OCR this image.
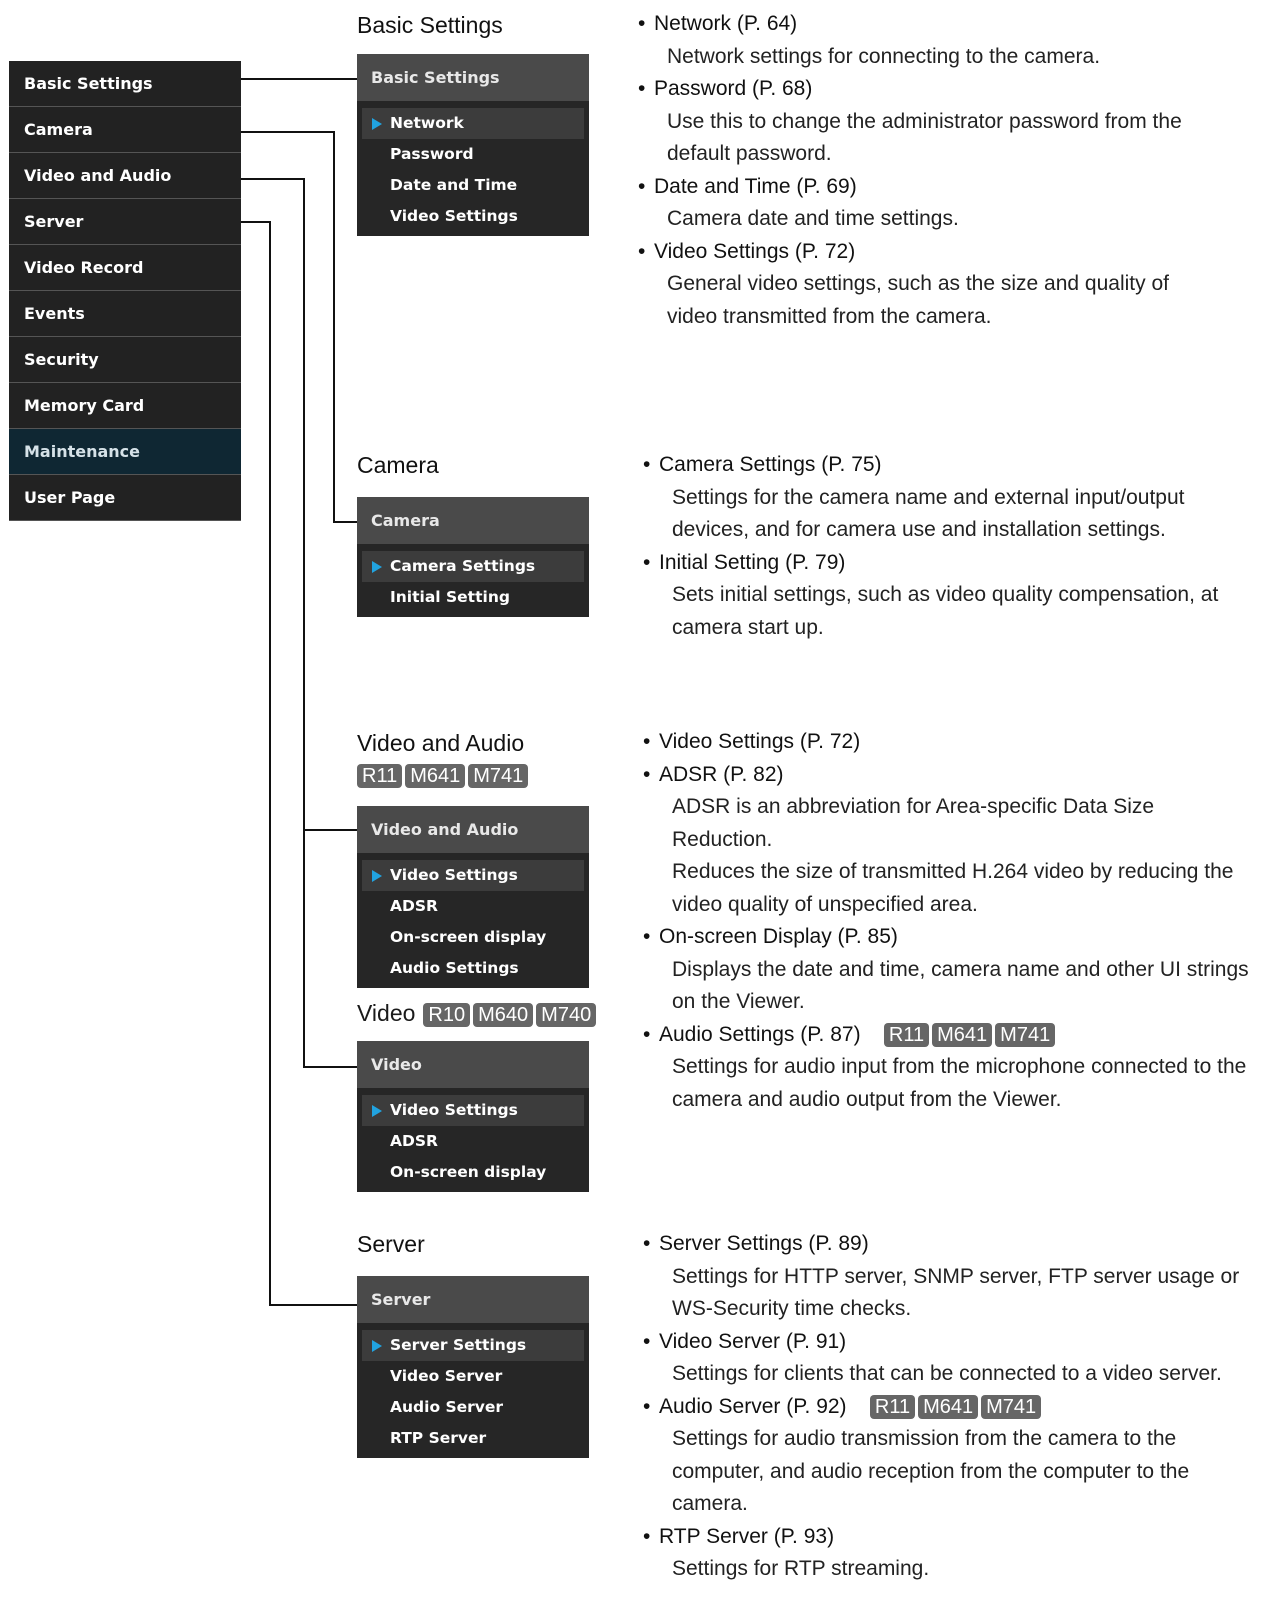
Basic Settings
Camera
Video and Audio
Server
Video Record
Events
Security
Memory Card
Maintenance
User Page
Basic Settings
Basic Settings
Network
Password
Date and Time
Video Settings
• Network (P. 64)
Network settings for connecting to the camera.
• Password (P. 68)
Use this to change the administrator password from the default password.
• Date and Time (P. 69)
Camera date and time settings.
• Video Settings (P. 72)
General video settings, such as the size and quality of video transmitted from the camera.
Camera
Camera
Camera Settings
Initial Setting
• Camera Settings (P. 75)
Settings for the camera name and external input/output devices, and for camera use and installation settings.
• Initial Setting (P. 79)
Sets initial settings, such as video quality compensation, at camera start up.
Video and Audio
R11 M641 M741
Video and Audio
Video Settings
ADSR
On-screen display
Audio Settings
• Video Settings (P. 72)
• ADSR (P. 82)
ADSR is an abbreviation for Area-specific Data Size Reduction.
Reduces the size of transmitted H.264 video by reducing the video quality of unspecified area.
• On-screen Display (P. 85)
Displays the date and time, camera name and other UI strings on the Viewer.
• Audio Settings (P. 87) R11 M641 M741
Settings for audio input from the microphone connected to the camera and audio output from the Viewer.
Video R10 M640 M740
Video
Video Settings
ADSR
On-screen display
Server
Server
Server Settings
Video Server
Audio Server
RTP Server
• Server Settings (P. 89)
Settings for HTTP server, SNMP server, FTP server usage or WS-Security time checks.
• Video Server (P. 91)
Settings for clients that can be connected to a video server.
• Audio Server (P. 92) R11 M641 M741
Settings for audio transmission from the camera to the computer, and audio reception from the computer to the camera.
• RTP Server (P. 93)
Settings for RTP streaming.
